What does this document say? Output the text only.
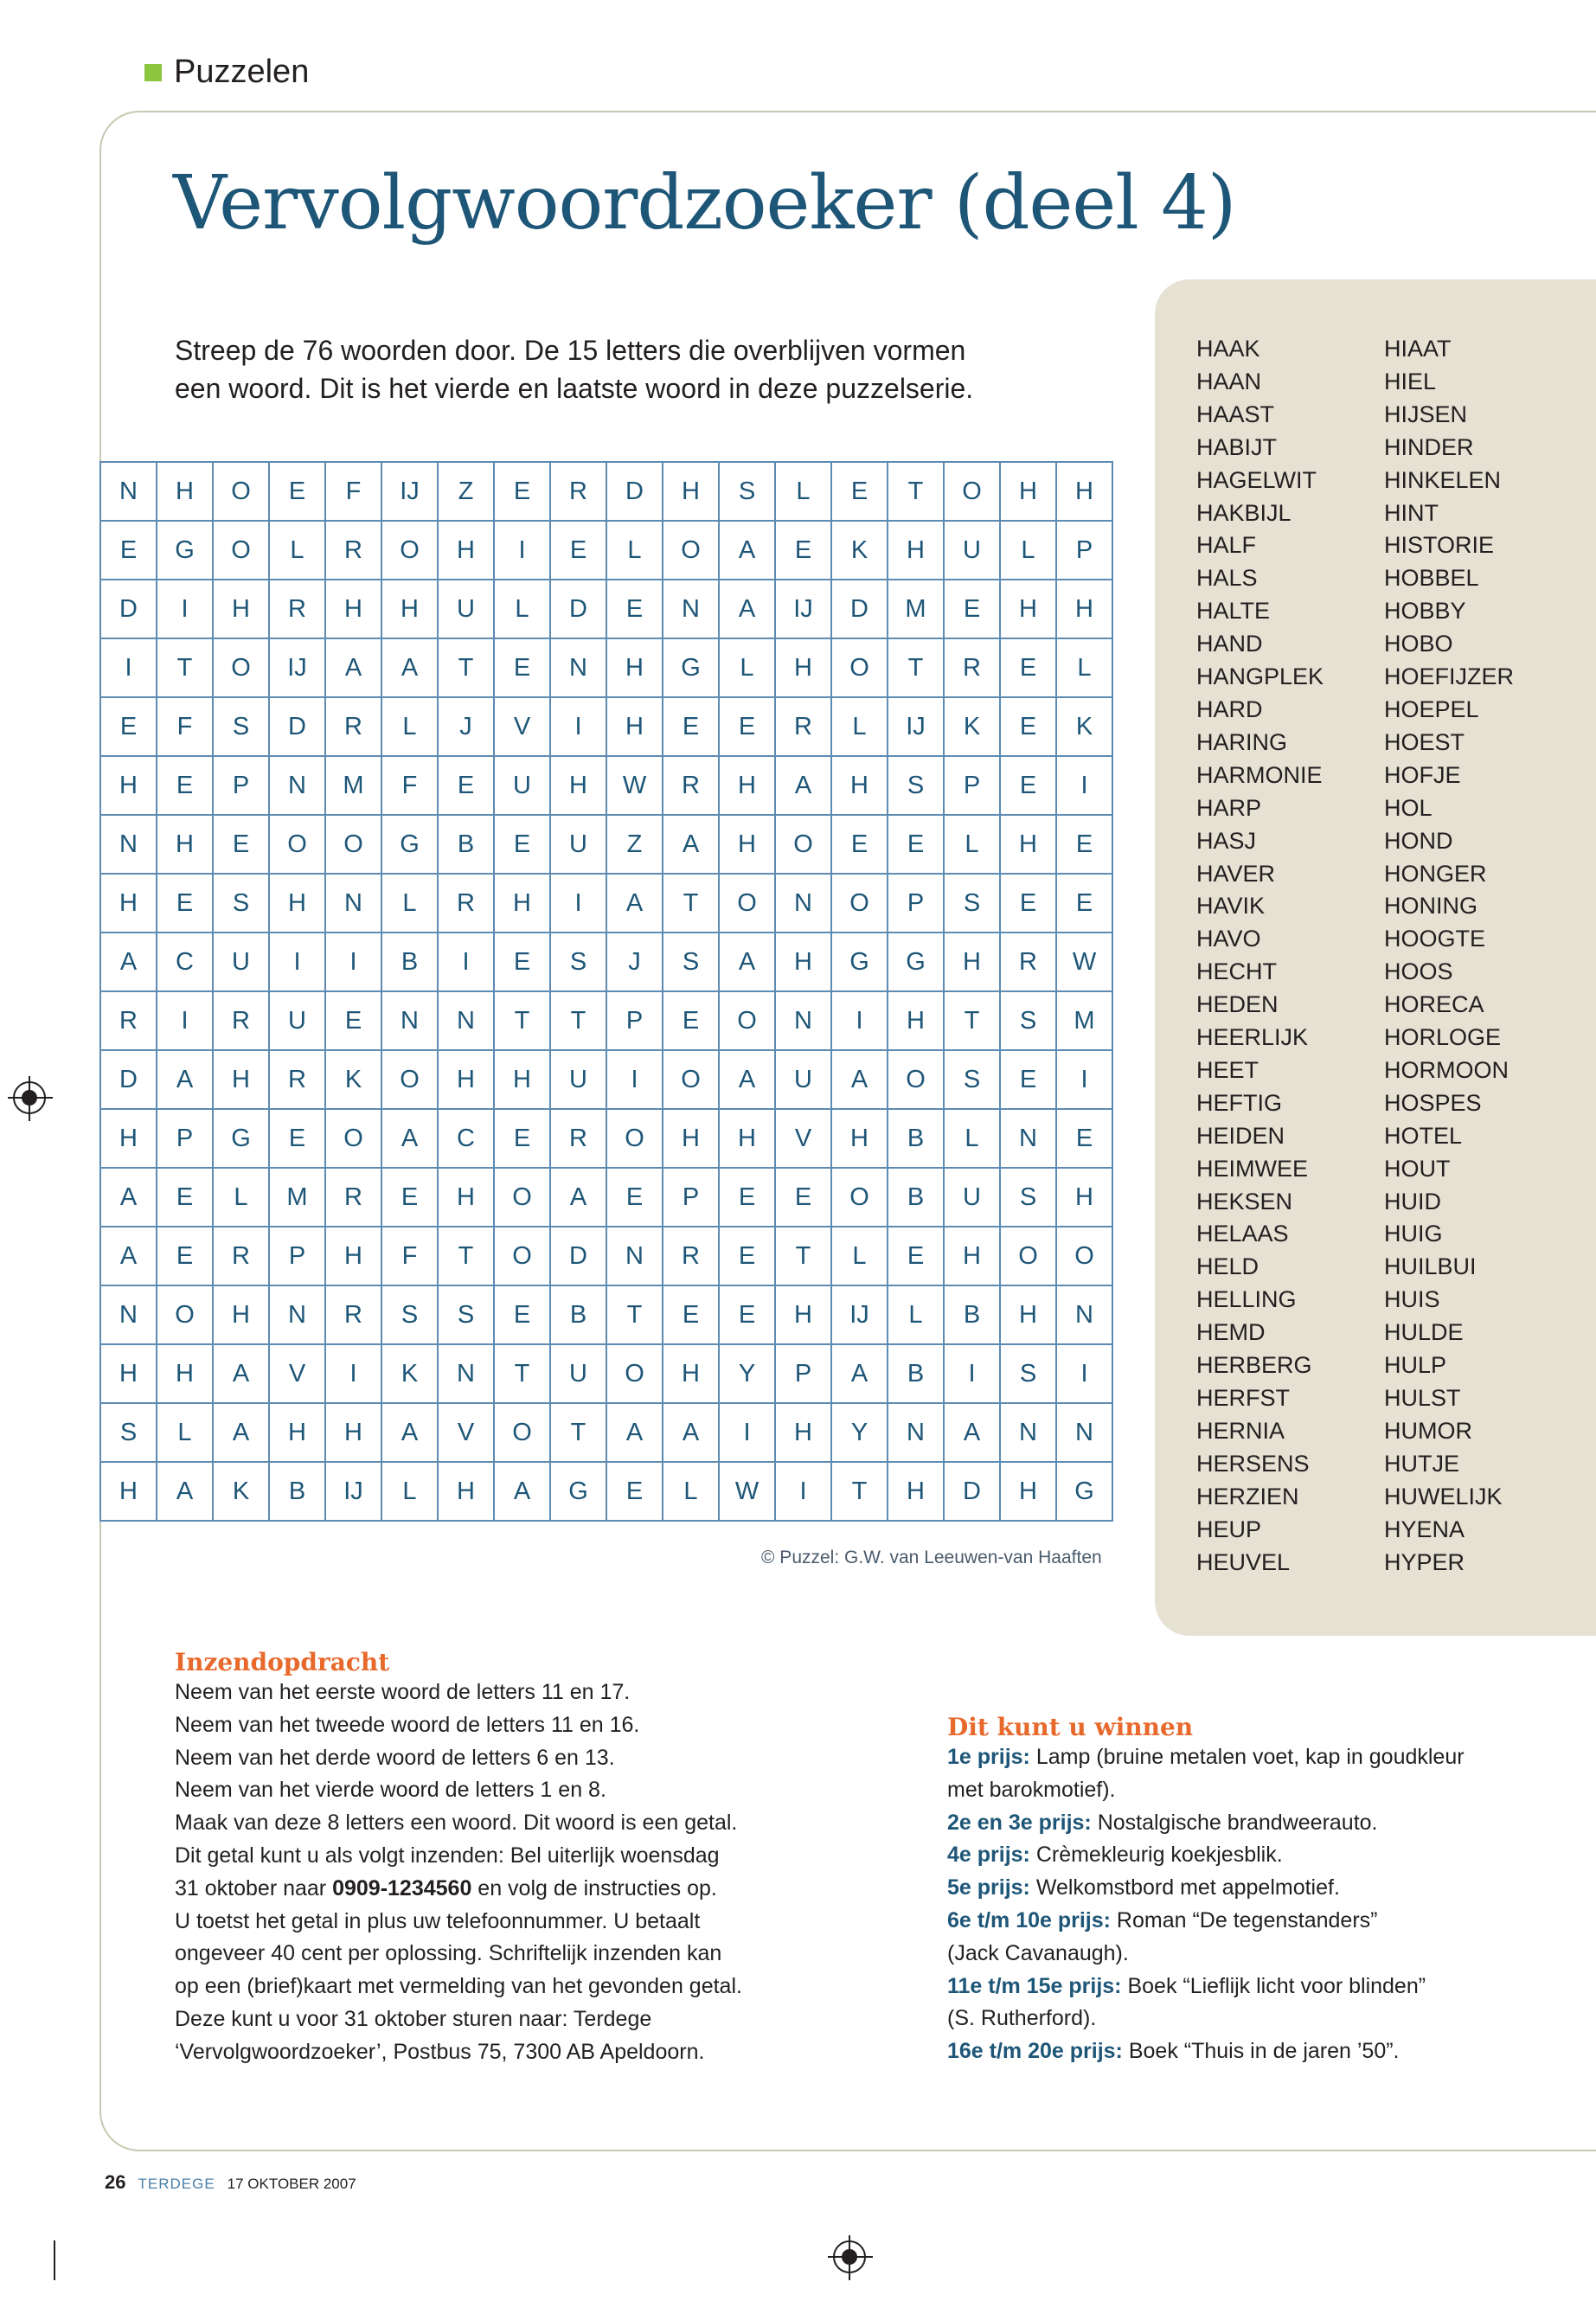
Puzzelen
Vervolgwoordzoeker (deel 4)
Streep de 76 woorden door. De 15 letters die overblijven vormen een woord. Dit is het vierde en laatste woord in deze puzzelserie.
N	H	O	E	F	IJ	Z	E	R	D	H	S	L	E	T	O	H	H
E	G	O	L	R	O	H	I	E	L	O	A	E	K	H	U	L	P
D	I	H	R	H	H	U	L	D	E	N	A	IJ	D	M	E	H	H
I	T	O	IJ	A	A	T	E	N	H	G	L	H	O	T	R	E	L
E	F	S	D	R	L	J	V	I	H	E	E	R	L	IJ	K	E	K
H	E	P	N	M	F	E	U	H	W	R	H	A	H	S	P	E	I
N	H	E	O	O	G	B	E	U	Z	A	H	O	E	E	L	H	E
H	E	S	H	N	L	R	H	I	A	T	O	N	O	P	S	E	E
A	C	U	I	I	B	I	E	S	J	S	A	H	G	G	H	R	W
R	I	R	U	E	N	N	T	T	P	E	O	N	I	H	T	S	M
D	A	H	R	K	O	H	H	U	I	O	A	U	A	O	S	E	I
H	P	G	E	O	A	C	E	R	O	H	H	V	H	B	L	N	E
A	E	L	M	R	E	H	O	A	E	P	E	E	O	B	U	S	H
A	E	R	P	H	F	T	O	D	N	R	E	T	L	E	H	O	O
N	O	H	N	R	S	S	E	B	T	E	E	H	IJ	L	B	H	N
H	H	A	V	I	K	N	T	U	O	H	Y	P	A	B	I	S	I
S	L	A	H	H	A	V	O	T	A	A	I	H	Y	N	A	N	N
H	A	K	B	IJ	L	H	A	G	E	L	W	I	T	H	D	H	G
© Puzzel: G.W. van Leeuwen-van Haaften
HAAK
HAAN
HAAST
HABIJT
HAGELWIT
HAKBIJL
HALF
HALS
HALTE
HAND
HANGPLEK
HARD
HARING
HARMONIE
HARP
HASJ
HAVER
HAVIK
HAVO
HECHT
HEDEN
HEERLIJK
HEET
HEFTIG
HEIDEN
HEIMWEE
HEKSEN
HELAAS
HELD
HELLING
HEMD
HERBERG
HERFST
HERNIA
HERSENS
HERZIEN
HEUP
HEUVEL
HIAAT
HIEL
HIJSEN
HINDER
HINKELEN
HINT
HISTORIE
HOBBEL
HOBBY
HOBO
HOEFIJZER
HOEPEL
HOEST
HOFJE
HOL
HOND
HONGER
HONING
HOOGTE
HOOS
HORECA
HORLOGE
HORMOON
HOSPES
HOTEL
HOUT
HUID
HUIG
HUILBUI
HUIS
HULDE
HULP
HULST
HUMOR
HUTJE
HUWELIJK
HYENA
HYPER
Inzendopdracht
Neem van het eerste woord de letters 11 en 17.
Neem van het tweede woord de letters 11 en 16.
Neem van het derde woord de letters 6 en 13.
Neem van het vierde woord de letters 1 en 8.
Maak van deze 8 letters een woord. Dit woord is een getal.
Dit getal kunt u als volgt inzenden: Bel uiterlijk woensdag
31 oktober naar 0909-1234560 en volg de instructies op.
U toetst het getal in plus uw telefoonnummer. U betaalt
ongeveer 40 cent per oplossing. Schriftelijk inzenden kan
op een (brief)kaart met vermelding van het gevonden getal.
Deze kunt u voor 31 oktober sturen naar: Terdege
‘Vervolgwoordzoeker’, Postbus 75, 7300 AB Apeldoorn.
Dit kunt u winnen
1e prijs: Lamp (bruine metalen voet, kap in goudkleur
met barokmotief).
2e en 3e prijs: Nostalgische brandweerauto.
4e prijs: Crèmekleurig koekjesblik.
5e prijs: Welkomstbord met appelmotief.
6e t/m 10e prijs: Roman “De tegenstanders”
(Jack Cavanaugh).
11e t/m 15e prijs: Boek “Lieflijk licht voor blinden”
(S. Rutherford).
16e t/m 20e prijs: Boek “Thuis in de jaren ’50”.
26 TERDEGE 17 OKTOBER 2007
